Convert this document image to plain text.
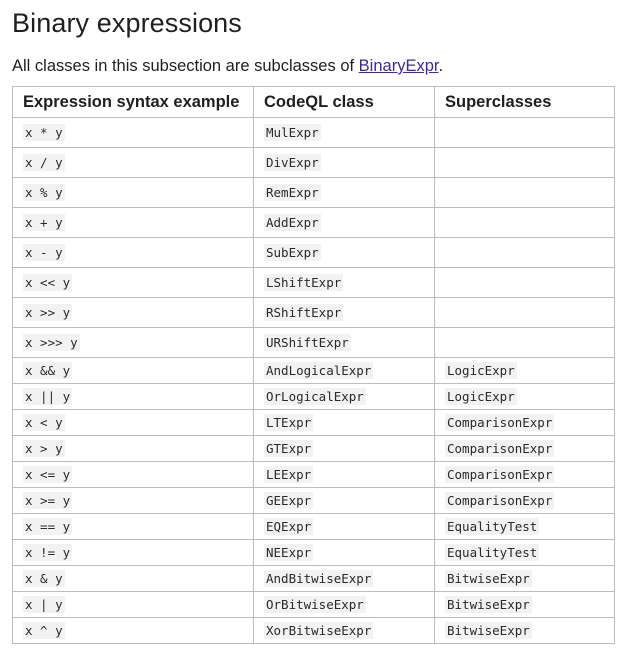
Binary expressions

All classes in this subsection are subclasses of BinaryExpr.

Expression syntax example	CodeQL class	Superclasses
x * y	MulExpr	
x / y	DivExpr	
x % y	RemExpr	
x + y	AddExpr	
x - y	SubExpr	
x << y	LShiftExpr	
x >> y	RShiftExpr	
x >>> y	URShiftExpr	
x && y	AndLogicalExpr	LogicExpr
x || y	OrLogicalExpr	LogicExpr
x < y	LTExpr	ComparisonExpr
x > y	GTExpr	ComparisonExpr
x <= y	LEExpr	ComparisonExpr
x >= y	GEExpr	ComparisonExpr
x == y	EQExpr	EqualityTest
x != y	NEExpr	EqualityTest
x & y	AndBitwiseExpr	BitwiseExpr
x | y	OrBitwiseExpr	BitwiseExpr
x ^ y	XorBitwiseExpr	BitwiseExpr
